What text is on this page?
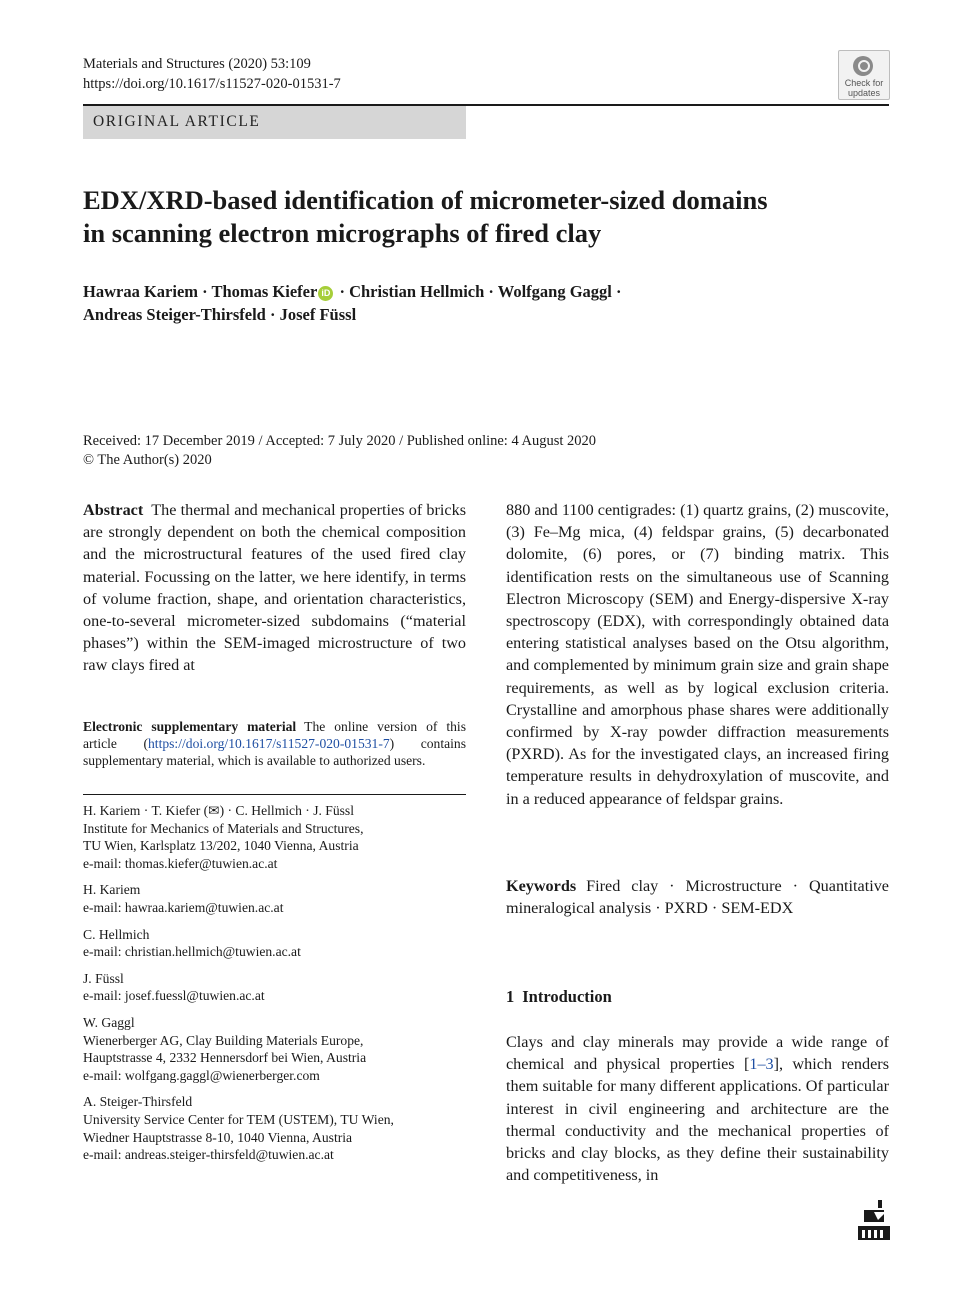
Materials and Structures (2020) 53:109
https://doi.org/10.1617/s11527-020-01531-7	Check for
updates
ORIGINAL ARTICLE
EDX/XRD-based identification of micrometer-sized domains
in scanning electron micrographs of fired clay
Hawraa Kariem · Thomas Kiefer iD · Christian Hellmich · Wolfgang Gaggl ·
Andreas Steiger-Thirsfeld · Josef Füssl
Received: 17 December 2019 / Accepted: 7 July 2020 / Published online: 4 August 2020
© The Author(s) 2020

Abstract The thermal and mechanical properties of bricks are strongly dependent on both the chemical composition and the microstructural features of the used fired clay material. Focussing on the latter, we here identify, in terms of volume fraction, shape, and orientation characteristics, one-to-several micrometer-sized subdomains (“material phases”) within the SEM-imaged microstructure of two raw clays fired at

Electronic supplementary material The online version of this article (https://doi.org/10.1617/s11527-020-01531-7) contains supplementary material, which is available to authorized users.
H. Kariem · T. Kiefer (✉) · C. Hellmich · J. Füssl
Institute for Mechanics of Materials and Structures,
TU Wien, Karlsplatz 13/202, 1040 Vienna, Austria
e-mail: thomas.kiefer@tuwien.ac.at
H. Kariem
e-mail: hawraa.kariem@tuwien.ac.at
C. Hellmich
e-mail: christian.hellmich@tuwien.ac.at
J. Füssl
e-mail: josef.fuessl@tuwien.ac.at
W. Gaggl
Wienerberger AG, Clay Building Materials Europe,
Hauptstrasse 4, 2332 Hennersdorf bei Wien, Austria
e-mail: wolfgang.gaggl@wienerberger.com
A. Steiger-Thirsfeld
University Service Center for TEM (USTEM), TU Wien,
Wiedner Hauptstrasse 8-10, 1040 Vienna, Austria
e-mail: andreas.steiger-thirsfeld@tuwien.ac.at

880 and 1100 centigrades: (1) quartz grains, (2) muscovite, (3) Fe–Mg mica, (4) feldspar grains, (5) decarbonated dolomite, (6) pores, or (7) binding matrix. This identification rests on the simultaneous use of Scanning Electron Microscopy (SEM) and Energy-dispersive X-ray spectroscopy (EDX), with correspondingly obtained data entering statistical analyses based on the Otsu algorithm, and complemented by minimum grain size and grain shape requirements, as well as by logical exclusion criteria. Crystalline and amorphous phase shares were additionally confirmed by X-ray powder diffraction measurements (PXRD). As for the investigated clays, an increased firing temperature results in dehydroxylation of muscovite, and in a reduced appearance of feldspar grains.

Keywords Fired clay · Microstructure · Quantitative mineralogical analysis · PXRD · SEM-EDX
1 Introduction

Clays and clay minerals may provide a wide range of chemical and physical properties [1–3], which renders them suitable for many different applications. Of particular interest in civil engineering and architecture are the thermal conductivity and the mechanical properties of bricks and clay blocks, as they define their sustainability and competitiveness, in
